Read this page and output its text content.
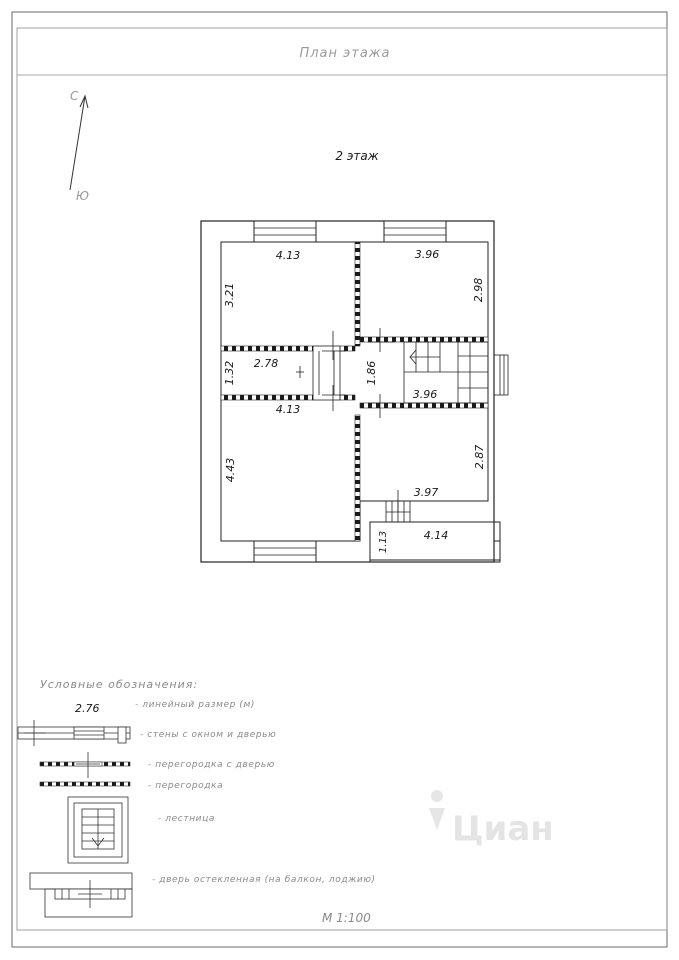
План этажа
С
Ю
2 этаж
4.13
3.21
3.96
2.98
2.78
1.32	1.86
3.96
4.13
4.43
2.87
3.97
1.13	4.14
Циан
Условные обозначения:
2.76	- линейный размер (м)
- стены с окном и дверью
- перегородка с дверью
- перегородка
- лестница
- дверь остекленная (на балкон, лоджию)
М 1:100
